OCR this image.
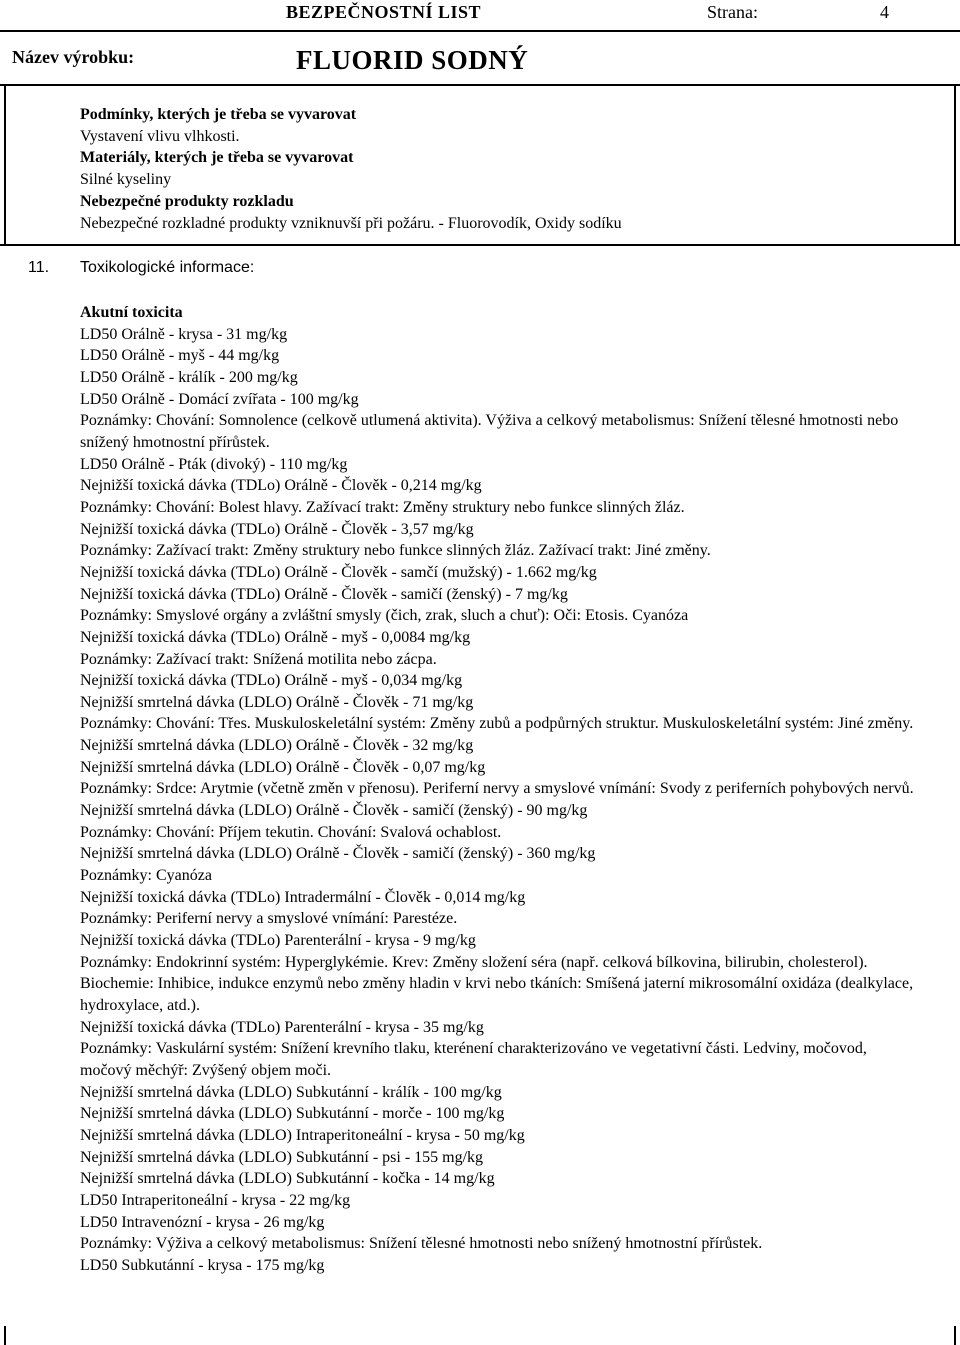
BEZPEČNOSTNÍ LIST	Strana:	4
Název výrobku:	FLUORID SODNÝ
Podmínky, kterých je třeba se vyvarovat
Vystavení vlivu vlhkosti.
Materiály, kterých je třeba se vyvarovat
Silné kyseliny
Nebezpečné produkty rozkladu
Nebezpečné rozkladné produkty vzniknuvší při požáru. - Fluorovodík, Oxidy sodíku
11. Toxikologické informace:
Akutní toxicita
LD50 Orálně - krysa - 31 mg/kg
LD50 Orálně - myš - 44 mg/kg
LD50 Orálně - králík - 200 mg/kg
LD50 Orálně - Domácí zvířata - 100 mg/kg
Poznámky: Chování: Somnolence (celkově utlumená aktivita). Výživa a celkový metabolismus: Snížení tělesné hmotnosti nebo snížený hmotnostní přírůstek.
LD50 Orálně - Pták (divoký) - 110 mg/kg
Nejnižší toxická dávka (TDLo) Orálně - Člověk - 0,214 mg/kg
Poznámky: Chování: Bolest hlavy. Zažívací trakt: Změny struktury nebo funkce slinných žláz.
Nejnižší toxická dávka (TDLo) Orálně - Člověk - 3,57 mg/kg
Poznámky: Zažívací trakt: Změny struktury nebo funkce slinných žláz. Zažívací trakt: Jiné změny.
Nejnižší toxická dávka (TDLo) Orálně - Člověk - samčí (mužský) - 1.662 mg/kg
Nejnižší toxická dávka (TDLo) Orálně - Člověk - samičí (ženský) - 7 mg/kg
Poznámky: Smyslové orgány a zvláštní smysly (čich, zrak, sluch a chuť): Oči: Etosis. Cyanóza
Nejnižší toxická dávka (TDLo) Orálně - myš - 0,0084 mg/kg
Poznámky: Zažívací trakt: Snížená motilita nebo zácpa.
Nejnižší toxická dávka (TDLo) Orálně - myš - 0,034 mg/kg
Nejnižší smrtelná dávka (LDLO) Orálně - Člověk - 71 mg/kg
Poznámky: Chování: Třes. Muskuloskeletální systém: Změny zubů a podpůrných struktur. Muskuloskeletální systém: Jiné změny.
Nejnižší smrtelná dávka (LDLO) Orálně - Člověk - 32 mg/kg
Nejnižší smrtelná dávka (LDLO) Orálně - Člověk - 0,07 mg/kg
Poznámky: Srdce: Arytmie (včetně změn v přenosu). Periferní nervy a smyslové vnímání: Svody z periferních pohybových nervů.
Nejnižší smrtelná dávka (LDLO) Orálně - Člověk - samičí (ženský) - 90 mg/kg
Poznámky: Chování: Příjem tekutin. Chování: Svalová ochablost.
Nejnižší smrtelná dávka (LDLO) Orálně - Člověk - samičí (ženský) - 360 mg/kg
Poznámky: Cyanóza
Nejnižší toxická dávka (TDLo) Intradermální - Člověk - 0,014 mg/kg
Poznámky: Periferní nervy a smyslové vnímání: Parestéze.
Nejnižší toxická dávka (TDLo) Parenterální - krysa - 9 mg/kg
Poznámky: Endokrinní systém: Hyperglykémie. Krev: Změny složení séra (např. celková bílkovina, bilirubin, cholesterol). Biochemie: Inhibice, indukce enzymů nebo změny hladin v krvi nebo tkáních: Smíšená jaterní mikrosomální oxidáza (dealkylace, hydroxylace, atd.).
Nejnižší toxická dávka (TDLo) Parenterální - krysa - 35 mg/kg
Poznámky: Vaskulární systém: Snížení krevního tlaku, kterénení charakterizováno ve vegetativní části. Ledviny, močovod, močový měchýř: Zvýšený objem moči.
Nejnižší smrtelná dávka (LDLO) Subkutánní - králík - 100 mg/kg
Nejnižší smrtelná dávka (LDLO) Subkutánní - morče - 100 mg/kg
Nejnižší smrtelná dávka (LDLO) Intraperitoneální - krysa - 50 mg/kg
Nejnižší smrtelná dávka (LDLO) Subkutánní - psi - 155 mg/kg
Nejnižší smrtelná dávka (LDLO) Subkutánní - kočka - 14 mg/kg
LD50 Intraperitoneální - krysa - 22 mg/kg
LD50 Intravenózní - krysa - 26 mg/kg
Poznámky: Výživa a celkový metabolismus: Snížení tělesné hmotnosti nebo snížený hmotnostní přírůstek.
LD50 Subkutánní - krysa - 175 mg/kg
